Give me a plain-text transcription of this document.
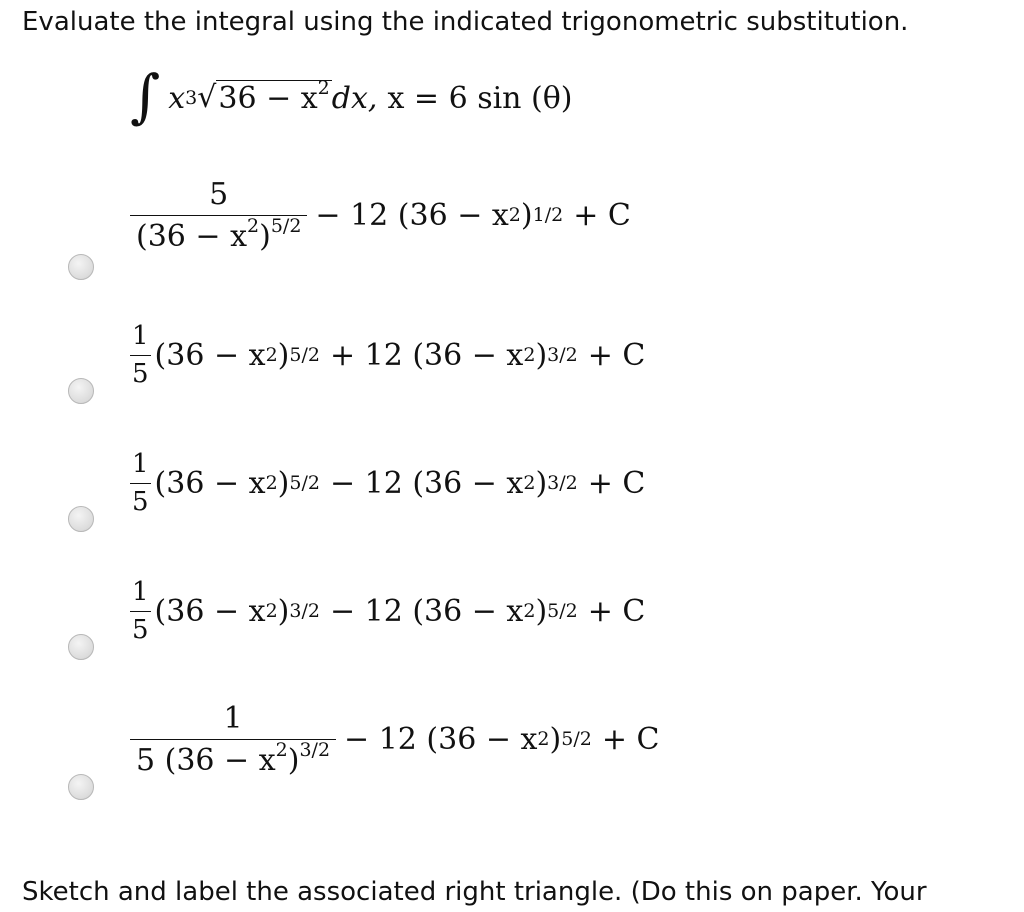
Evaluate the integral using the indicated trigonometric substitution.
∫ x 3 √ $36 - x^2$ dx, x = 6 sin (θ)
$\frac{5}{(36 - x^2)^{5/2}} - 12$ (36 − x 2 ) 1/2 + C
$\frac{1}{5} (36 - x$ 2 ) 5/2 + 12 (36 − x 2 ) 3/2 + C
$\frac{1}{5} (36 - x$ 2 ) 5/2 − 12 (36 − x 2 ) 3/2 + C
$\frac{1}{5} (36 - x$ 2 ) 3/2 − 12 (36 − x 2 ) 5/2 + C
$\frac{1}{5 (36 - x^2)^{3/2}} - 12$ (36 − x 2 ) 5/2 + C
Sketch and label the associated right triangle. (Do this on paper. Your
